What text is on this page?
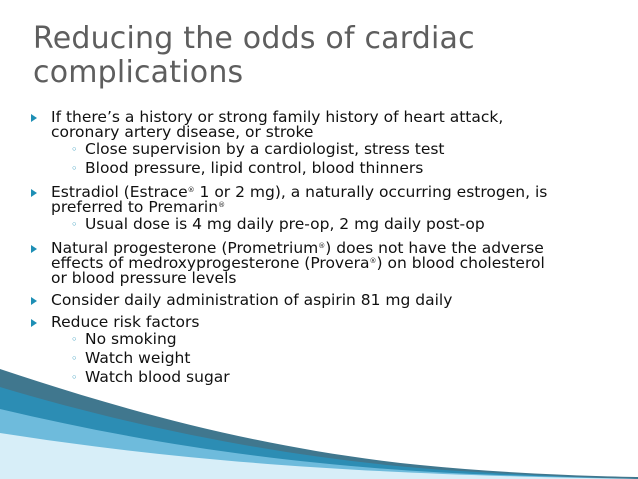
Reducing the odds of cardiac
complications
If there’s a history or strong family history of heart attack,
coronary artery disease, or stroke
◦ Close supervision by a cardiologist, stress test
◦ Blood pressure, lipid control, blood thinners
Estradiol (Estrace® 1 or 2 mg), a naturally occurring estrogen, is
preferred to Premarin®
◦ Usual dose is 4 mg daily pre-op, 2 mg daily post-op
Natural progesterone (Prometrium®) does not have the adverse
effects of medroxyprogesterone (Provera®) on blood cholesterol
or blood pressure levels
Consider daily administration of aspirin 81 mg daily
Reduce risk factors
◦ No smoking
◦ Watch weight
◦ Watch blood sugar
